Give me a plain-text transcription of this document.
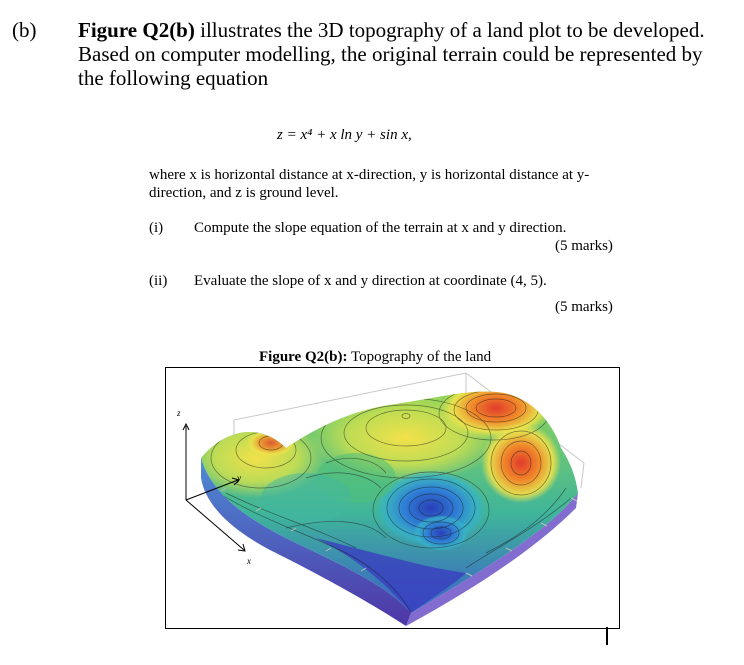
(b) Figure Q2(b) illustrates the 3D topography of a land plot to be developed.
Based on computer modelling, the original terrain could be represented by
the following equation
z = x⁴ + x ln y + sin x,
where x is horizontal distance at x-direction, y is horizontal distance at y-
direction, and z is ground level.
(i) Compute the slope equation of the terrain at x and y direction.
(5 marks)
(ii) Evaluate the slope of x and y direction at coordinate (4, 5).
(5 marks)
Figure Q2(b): Topography of the land
z
y
x
